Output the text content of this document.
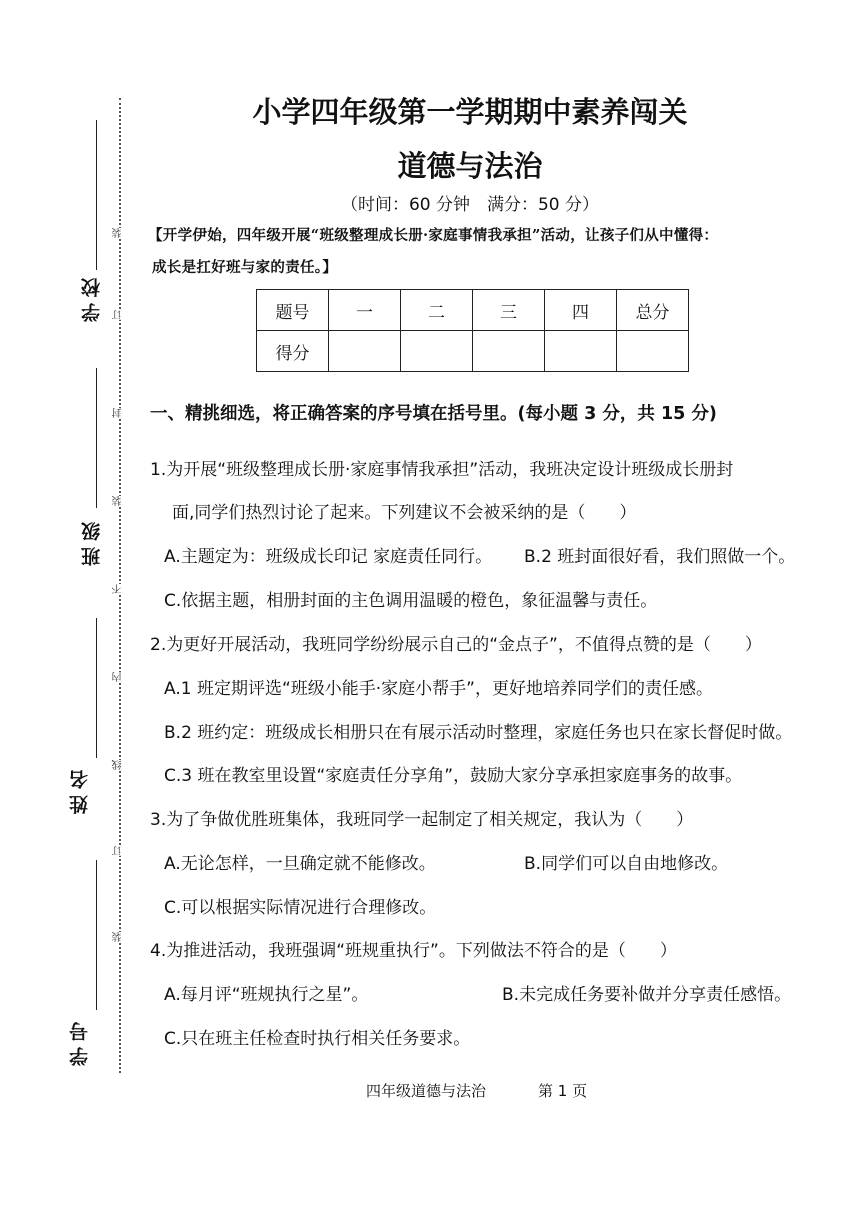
学校
班级
姓名
学号
装
订
封
装
不
内
线
订
装
小学四年级第一学期期中素养闯关
道德与法治
（时间：60 分钟　满分：50 分）
【开学伊始，四年级开展“班级整理成长册·家庭事情我承担”活动，让孩子们从中懂得：
成长是扛好班与家的责任。】
题号	一	二	三	四	总分
得分					
一、精挑细选，将正确答案的序号填在括号里。(每小题 3 分，共 15 分)
1.为开展“班级整理成长册·家庭事情我承担”活动，我班决定设计班级成长册封
面,同学们热烈讨论了起来。下列建议不会被采纳的是（　　）
A.主题定为：班级成长印记 家庭责任同行。 B.2 班封面很好看，我们照做一个。
C.依据主题，相册封面的主色调用温暖的橙色，象征温馨与责任。
2.为更好开展活动，我班同学纷纷展示自己的“金点子”，不值得点赞的是（　　）
A.1 班定期评选“班级小能手·家庭小帮手”，更好地培养同学们的责任感。
B.2 班约定：班级成长相册只在有展示活动时整理，家庭任务也只在家长督促时做。
C.3 班在教室里设置“家庭责任分享角”，鼓励大家分享承担家庭事务的故事。
3.为了争做优胜班集体，我班同学一起制定了相关规定，我认为（　　）
A.无论怎样，一旦确定就不能修改。	B.同学们可以自由地修改。
C.可以根据实际情况进行合理修改。
4.为推进活动，我班强调“班规重执行”。下列做法不符合的是（　　）
A.每月评“班规执行之星”。	B.未完成任务要补做并分享责任感悟。
C.只在班主任检查时执行相关任务要求。
四年级道德与法治	第 1 页
